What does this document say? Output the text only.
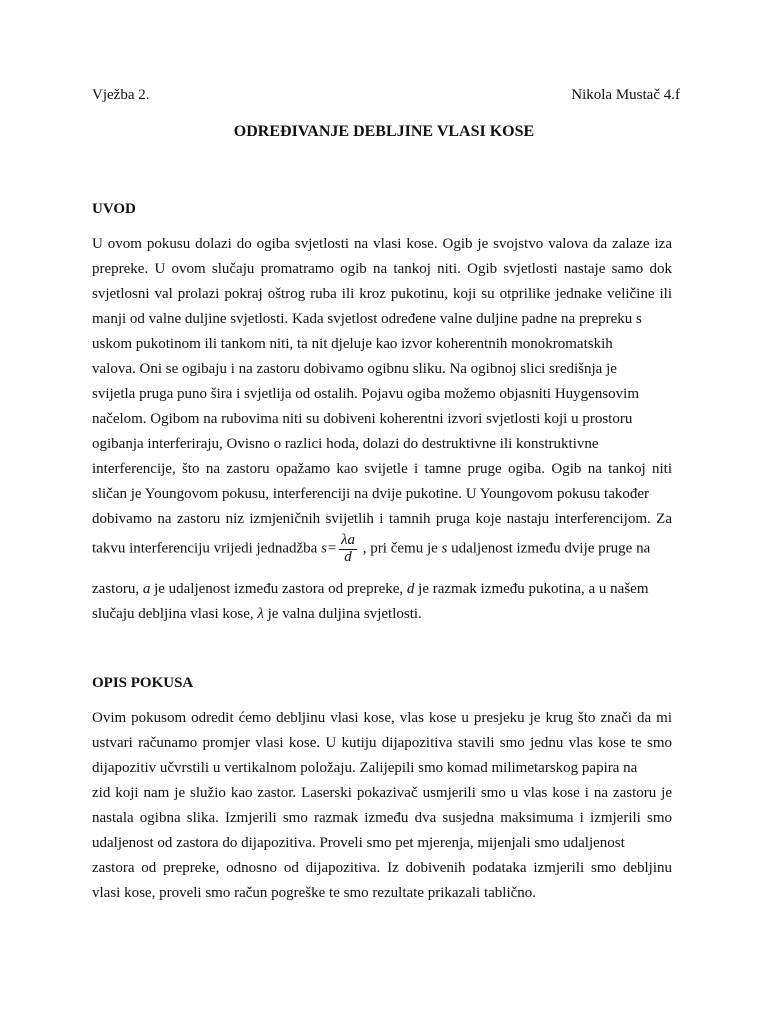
Vježba 2.	Nikola Mustač 4.f
ODREĐIVANJE DEBLJINE VLASI KOSE
UVOD
U ovom pokusu dolazi do ogiba svjetlosti na vlasi kose. Ogib je svojstvo valova da zalaze iza
prepreke. U ovom slučaju promatramo ogib na tankoj niti. Ogib svjetlosti nastaje samo dok
svjetlosni val prolazi pokraj oštrog ruba ili kroz pukotinu, koji su otprilike jednake veličine ili
manji od valne duljine svjetlosti. Kada svjetlost određene valne duljine padne na prepreku s
uskom pukotinom ili tankom niti, ta nit djeluje kao izvor koherentnih monokromatskih
valova. Oni se ogibaju i na zastoru dobivamo ogibnu sliku. Na ogibnoj slici središnja je
svijetla pruga puno šira i svjetlija od ostalih. Pojavu ogiba možemo objasniti Huygensovim
načelom. Ogibom na rubovima niti su dobiveni koherentni izvori svjetlosti koji u prostoru
ogibanja interferiraju, Ovisno o razlici hoda, dolazi do destruktivne ili konstruktivne
interferencije, što na zastoru opažamo kao svijetle i tamne pruge ogiba. Ogib na tankoj niti
sličan je Youngovom pokusu, interferenciji na dvije pukotine. U Youngovom pokusu također
dobivamo na zastoru niz izmjeničnih svijetlih i tamnih pruga koje nastaju interferencijom. Za
takvu interferenciju vrijedi jednadžba $s= \frac{\lambda a}{d}$ , pri čemu je s udaljenost između dvije pruge na
zastoru, a je udaljenost između zastora od prepreke, d je razmak između pukotina, a u našem
slučaju debljina vlasi kose, λ je valna duljina svjetlosti.
OPIS POKUSA
Ovim pokusom odredit ćemo debljinu vlasi kose, vlas kose u presjeku je krug što znači da mi
ustvari računamo promjer vlasi kose. U kutiju dijapozitiva stavili smo jednu vlas kose te smo
dijapozitiv učvrstili u vertikalnom položaju. Zalijepili smo komad milimetarskog papira na
zid koji nam je služio kao zastor. Laserski pokazivač usmjerili smo u vlas kose i na zastoru je
nastala ogibna slika. Izmjerili smo razmak između dva susjedna maksimuma i izmjerili smo
udaljenost od zastora do dijapozitiva. Proveli smo pet mjerenja, mijenjali smo udaljenost
zastora od prepreke, odnosno od dijapozitiva. Iz dobivenih podataka izmjerili smo debljinu
vlasi kose, proveli smo račun pogreške te smo rezultate prikazali tablično.
